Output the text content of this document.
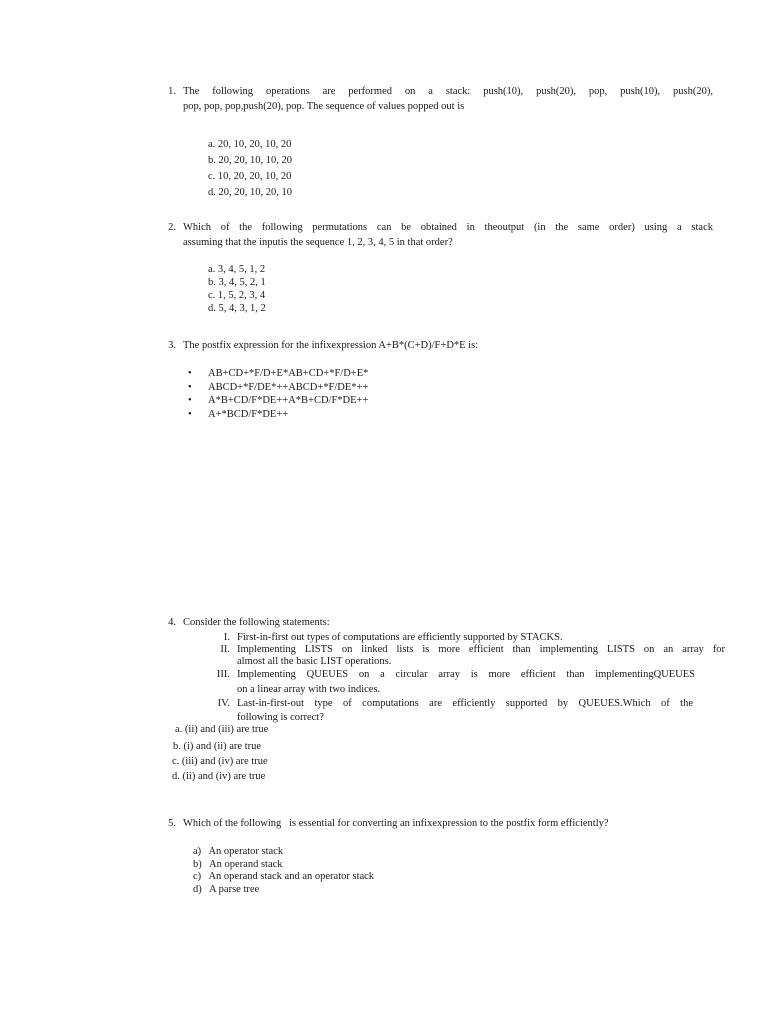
1. The following operations are performed on a stack: push(10), push(20), pop, push(10), push(20),
pop, pop, pop,push(20), pop. The sequence of values popped out is
a. 20, 10, 20, 10, 20
b. 20, 20, 10, 10, 20
c. 10, 20, 20, 10, 20
d. 20, 20, 10, 20, 10
2. Which of the following permutations can be obtained in theoutput (in the same order) using a stack
assuming that the inputis the sequence 1, 2, 3, 4, 5 in that order?
a. 3, 4, 5, 1, 2
b. 3, 4, 5, 2, 1
c. 1, 5, 2, 3, 4
d. 5, 4, 3, 1, 2
3. The postfix expression for the infixexpression A+B*(C+D)/F+D*E is:
• AB+CD+*F/D+E*AB+CD+*F/D+E*
• ABCD+*F/DE*++ABCD+*F/DE*++
• A*B+CD/F*DE++A*B+CD/F*DE++
• A+*BCD/F*DE++
4. Consider the following statements:
I. First-in-first out types of computations are efficiently supported by STACKS.
II. Implementing LISTS on linked lists is more efficient than implementing LISTS on an array for
almost all the basic LIST operations.
III. Implementing QUEUES on a circular array is more efficient than implementingQUEUES
on a linear array with two indices.
IV. Last-in-first-out type of computations are efficiently supported by QUEUES.Which of the
following is correct?
a. (ii) and (iii) are true
b. (i) and (ii) are true
c. (iii) and (iv) are true
d. (ii) and (iv) are true
5. Which of the following   is essential for converting an infixexpression to the postfix form efficiently?
a)   An operator stack
b)   An operand stack
c)   An operand stack and an operator stack
d)   A parse tree
